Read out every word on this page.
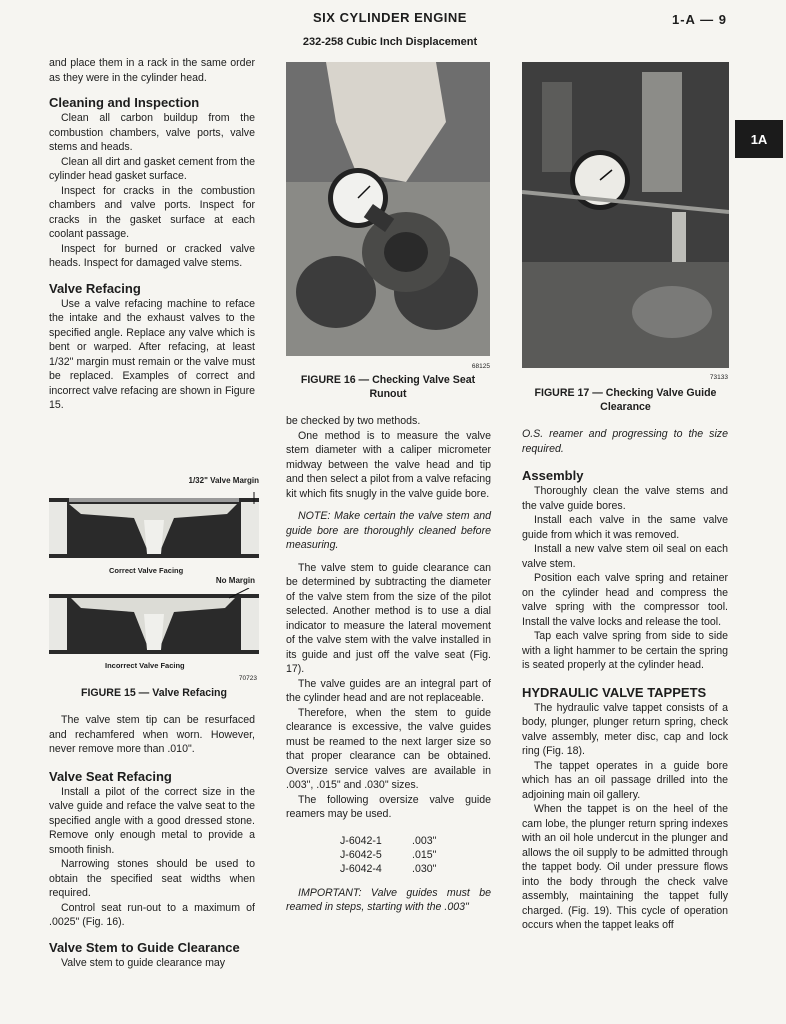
SIX CYLINDER ENGINE
232-258 Cubic Inch Displacement
1-A — 9
1A

and place them in a rack in the same order as they were in the cylinder head.

Cleaning and Inspection

Clean all carbon buildup from the combustion chambers, valve ports, valve stems and heads.

Clean all dirt and gasket cement from the cylinder head gasket surface.

Inspect for cracks in the combustion chambers and valve ports. Inspect for cracks in the gasket surface at each coolant passage.

Inspect for burned or cracked valve heads. Inspect for damaged valve stems.

Valve Refacing

Use a valve refacing machine to reface the intake and the exhaust valves to the specified angle. Replace any valve which is bent or warped. After refacing, at least 1/32" margin must remain or the valve must be replaced. Examples of correct and incorrect valve refacing are shown in Figure 15.

1/32" Valve Margin
Correct Valve Facing
No Margin
Incorrect Valve Facing
70723
FIGURE 15 — Valve Refacing

The valve stem tip can be resurfaced and rechamfered when worn. However, never remove more than .010".

Valve Seat Refacing

Install a pilot of the correct size in the valve guide and reface the valve seat to the specified angle with a good dressed stone. Remove only enough metal to provide a smooth finish.

Narrowing stones should be used to obtain the specified seat widths when required.

Control seat run-out to a maximum of .0025" (Fig. 16).

Valve Stem to Guide Clearance

Valve stem to guide clearance may

68125
FIGURE 16 — Checking Valve Seat Runout

be checked by two methods.

One method is to measure the valve stem diameter with a caliper micrometer midway between the valve head and tip and then select a pilot from a valve refacing kit which fits snugly in the valve guide bore.

NOTE: Make certain the valve stem and guide bore are thoroughly cleaned before measuring.

The valve stem to guide clearance can be determined by subtracting the diameter of the valve stem from the size of the pilot selected. Another method is to use a dial indicator to measure the lateral movement of the valve stem with the valve installed in its guide and just off the valve seat (Fig. 17).

The valve guides are an integral part of the cylinder head and are not replaceable.

Therefore, when the stem to guide clearance is excessive, the valve guides must be reamed to the next larger size so that proper clearance can be obtained. Oversize service valves are available in .003", .015" and .030" sizes.

The following oversize valve guide reamers may be used.

J-6042-1	.003"
J-6042-5	.015"
J-6042-4	.030"

IMPORTANT: Valve guides must be reamed in steps, starting with the .003"

73133
FIGURE 17 — Checking Valve Guide Clearance

O.S. reamer and progressing to the size required.

Assembly

Thoroughly clean the valve stems and the valve guide bores.

Install each valve in the same valve guide from which it was removed.

Install a new valve stem oil seal on each valve stem.

Position each valve spring and retainer on the cylinder head and compress the valve spring with the compressor tool. Install the valve locks and release the tool.

Tap each valve spring from side to side with a light hammer to be certain the spring is seated properly at the cylinder head.

HYDRAULIC VALVE TAPPETS

The hydraulic valve tappet consists of a body, plunger, plunger return spring, check valve assembly, meter disc, cap and lock ring (Fig. 18).

The tappet operates in a guide bore which has an oil passage drilled into the adjoining main oil gallery.

When the tappet is on the heel of the cam lobe, the plunger return spring indexes with an oil hole undercut in the plunger and allows the oil supply to be admitted through the tappet body. Oil under pressure flows into the body through the check valve assembly, maintaining the tappet fully charged. (Fig. 19). This cycle of operation occurs when the tappet leaks off
